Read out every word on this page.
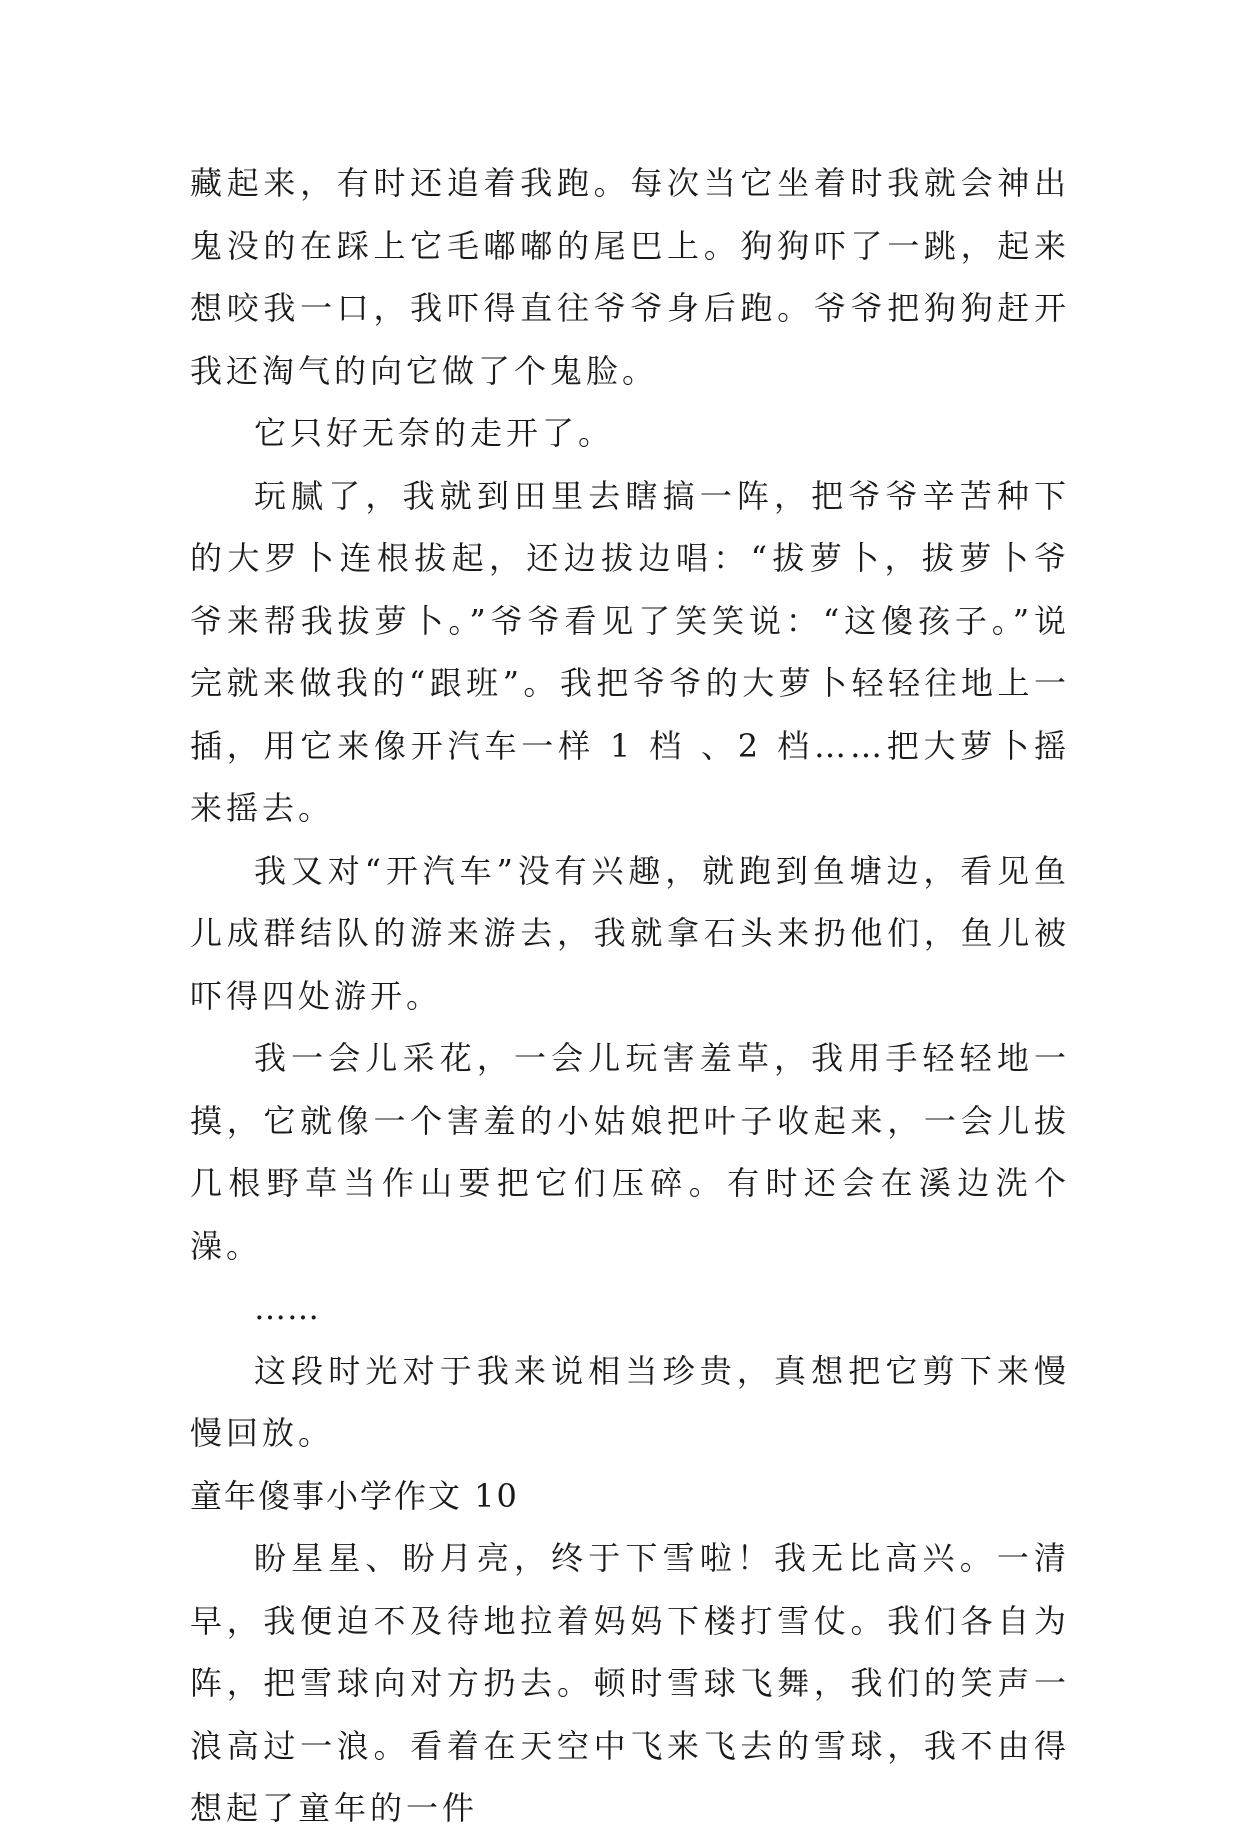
藏起来，有时还追着我跑。每次当它坐着时我就会神出鬼没的在踩上它毛嘟嘟的尾巴上。狗狗吓了一跳，起来想咬我一口，我吓得直往爷爷身后跑。爷爷把狗狗赶开我还淘气的向它做了个鬼脸。

它只好无奈的走开了。

玩腻了，我就到田里去瞎搞一阵，把爷爷辛苦种下的大罗卜连根拔起，还边拔边唱：“拔萝卜，拔萝卜爷爷来帮我拔萝卜。”爷爷看见了笑笑说：“这傻孩子。”说完就来做我的“跟班”。我把爷爷的大萝卜轻轻往地上一插，用它来像开汽车一样 1 档 、2 档……把大萝卜摇来摇去。

我又对“开汽车”没有兴趣，就跑到鱼塘边，看见鱼儿成群结队的游来游去，我就拿石头来扔他们，鱼儿被吓得四处游开。

我一会儿采花，一会儿玩害羞草，我用手轻轻地一摸，它就像一个害羞的小姑娘把叶子收起来，一会儿拔几根野草当作山要把它们压碎。有时还会在溪边洗个澡。

……

这段时光对于我来说相当珍贵，真想把它剪下来慢慢回放。

童年傻事小学作文 10

盼星星、盼月亮，终于下雪啦！我无比高兴。一清早，我便迫不及待地拉着妈妈下楼打雪仗。我们各自为阵，把雪球向对方扔去。顿时雪球飞舞，我们的笑声一浪高过一浪。看着在天空中飞来飞去的雪球，我不由得想起了童年的一件
